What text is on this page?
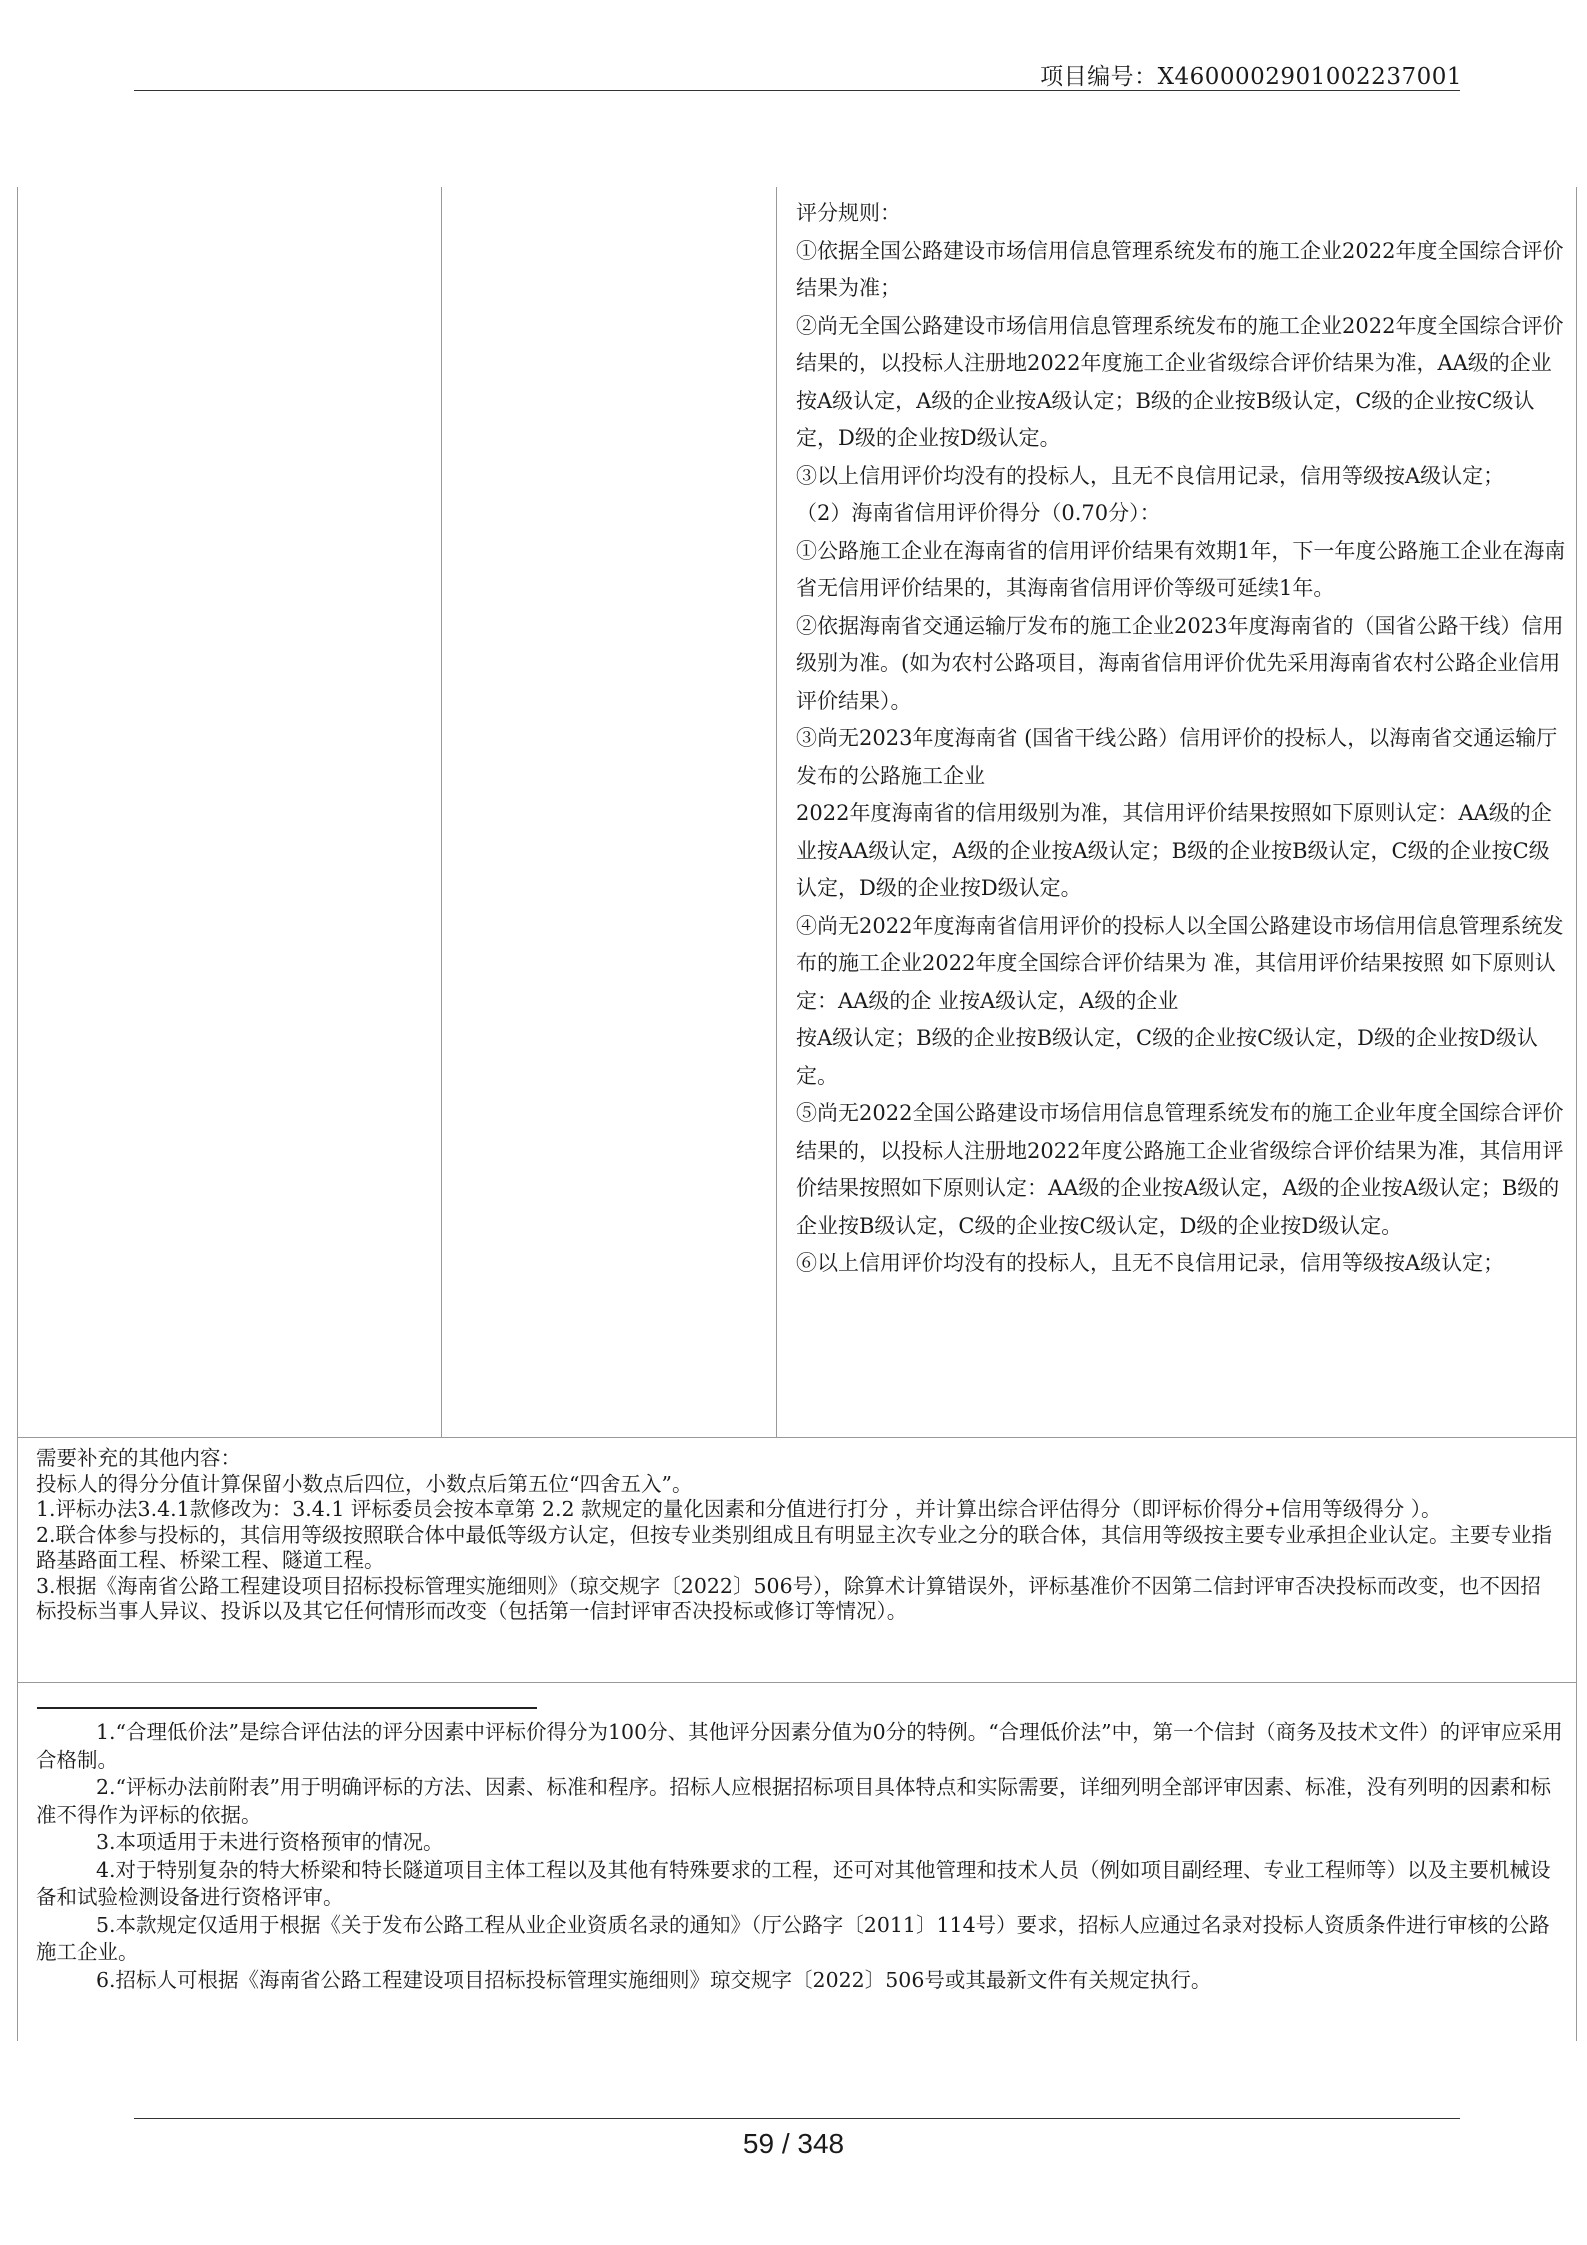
项目编号：X4600002901002237001

评分规则：

①依据全国公路建设市场信用信息管理系统发布的施工企业2022年度全国综合评价结果为准；

②尚无全国公路建设市场信用信息管理系统发布的施工企业2022年度全国综合评价结果的，以投标人注册地2022年度施工企业省级综合评价结果为准，AA级的企业按A级认定，A级的企业按A级认定；B级的企业按B级认定，C级的企业按C级认定，D级的企业按D级认定。

③以上信用评价均没有的投标人，且无不良信用记录，信用等级按A级认定；

（2）海南省信用评价得分（0.70分）：

①公路施工企业在海南省的信用评价结果有效期1年，下一年度公路施工企业在海南省无信用评价结果的，其海南省信用评价等级可延续1年。

②依据海南省交通运输厅发布的施工企业2023年度海南省的（国省公路干线）信用级别为准。(如为农村公路项目，海南省信用评价优先采用海南省农村公路企业信用评价结果）。

③尚无2023年度海南省 (国省干线公路）信用评价的投标人，以海南省交通运输厅发布的公路施工企业

2022年度海南省的信用级别为准，其信用评价结果按照如下原则认定：AA级的企业按AA级认定，A级的企业按A级认定；B级的企业按B级认定，C级的企业按C级认定，D级的企业按D级认定。

④尚无2022年度海南省信用评价的投标人以全国公路建设市场信用信息管理系统发布的施工企业2022年度全国综合评价结果为 准，其信用评价结果按照 如下原则认定：AA级的企 业按A级认定，A级的企业

按A级认定；B级的企业按B级认定，C级的企业按C级认定，D级的企业按D级认定。

⑤尚无2022全国公路建设市场信用信息管理系统发布的施工企业年度全国综合评价结果的，以投标人注册地2022年度公路施工企业省级综合评价结果为准，其信用评价结果按照如下原则认定：AA级的企业按A级认定，A级的企业按A级认定；B级的企业按B级认定，C级的企业按C级认定，D级的企业按D级认定。

⑥以上信用评价均没有的投标人，且无不良信用记录，信用等级按A级认定；

需要补充的其他内容：

投标人的得分分值计算保留小数点后四位，小数点后第五位“四舍五入”。

1.评标办法3.4.1款修改为：3.4.1 评标委员会按本章第 2.2 款规定的量化因素和分值进行打分 ，并计算出综合评估得分（即评标价得分+信用等级得分 ）。

2.联合体参与投标的，其信用等级按照联合体中最低等级方认定，但按专业类别组成且有明显主次专业之分的联合体，其信用等级按主要专业承担企业认定。主要专业指路基路面工程、桥梁工程、隧道工程。

3.根据《海南省公路工程建设项目招标投标管理实施细则》（琼交规字〔2022〕506号），除算术计算错误外，评标基准价不因第二信封评审否决投标而改变，也不因招标投标当事人异议、投诉以及其它任何情形而改变（包括第一信封评审否决投标或修订等情况）。

1.“合理低价法”是综合评估法的评分因素中评标价得分为100分、其他评分因素分值为0分的特例。“合理低价法”中，第一个信封（商务及技术文件）的评审应采用合格制。

2.“评标办法前附表”用于明确评标的方法、因素、标准和程序。招标人应根据招标项目具体特点和实际需要，详细列明全部评审因素、标准，没有列明的因素和标准不得作为评标的依据。

3.本项适用于未进行资格预审的情况。

4.对于特别复杂的特大桥梁和特长隧道项目主体工程以及其他有特殊要求的工程，还可对其他管理和技术人员（例如项目副经理、专业工程师等）以及主要机械设备和试验检测设备进行资格评审。

5.本款规定仅适用于根据《关于发布公路工程从业企业资质名录的通知》（厅公路字〔2011〕114号）要求，招标人应通过名录对投标人资质条件进行审核的公路施工企业。

6.招标人可根据《海南省公路工程建设项目招标投标管理实施细则》琼交规字〔2022〕506号或其最新文件有关规定执行。

59 / 348
